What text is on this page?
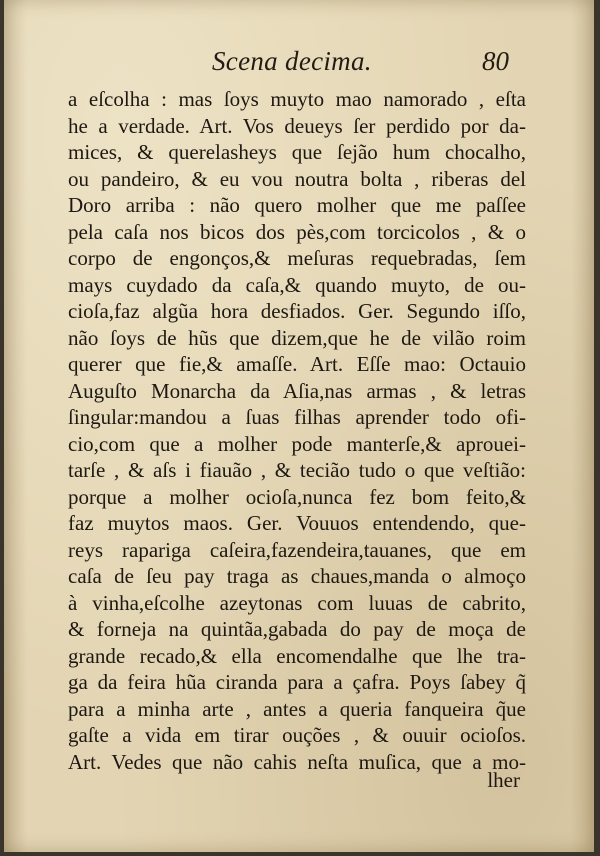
Scena decima.	80
a eſcolha : mas ſoys muyto mao namorado , eſta
he a verdade. Art. Vos deueys ſer perdido por da-
mices, & querelasheys que ſejão hum chocalho,
ou pandeiro, & eu vou noutra bolta , riberas del
Doro arriba : não quero molher que me paſſee
pela caſa nos bicos dos pès,com torcicolos , & o
corpo de engonços,& meſuras requebradas, ſem
mays cuydado da caſa,& quando muyto, de ou-
cioſa,faz algũa hora desfiados. Ger. Segundo iſſo,
não ſoys de hũs que dizem,que he de vilão roim
querer que fie,& amaſſe. Art. Eſſe mao: Octauio
Auguſto Monarcha da Aſia,nas armas , & letras
ſingular:mandou a ſuas filhas aprender todo ofi-
cio,com que a molher pode manterſe,& aprouei-
tarſe , & aſs i fiauão , & tecião tudo o que veſtião:
porque a molher ocioſa,nunca fez bom feito,&
faz muytos maos. Ger. Vouuos entendendo, que-
reys rapariga caſeira,fazendeira,tauanes, que em
caſa de ſeu pay traga as chaues,manda o almoço
à vinha,eſcolhe azeytonas com luuas de cabrito,
& forneja na quintãa,gabada do pay de moça de
grande recado,& ella encomendalhe que lhe tra-
ga da feira hũa ciranda para a çafra. Poys ſabey q̃
para a minha arte , antes a queria fanqueira q̃ue
gaſte a vida em tirar ouções , & ouuir ocioſos.
Art. Vedes que não cahis neſta muſica, que a mo-
lher
